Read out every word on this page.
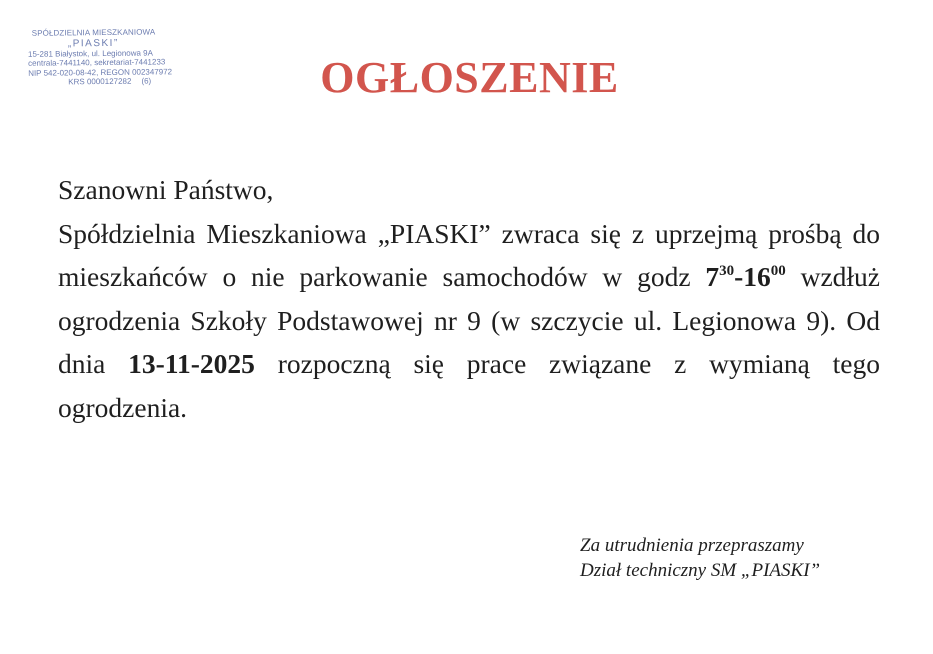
SPÓŁDZIELNIA MIESZKANIOWA
„PIASKI”
15-281 Białystok, ul. Legionowa 9A
centrala-7441140, sekretariat-7441233
NIP 542-020-08-42, REGON 002347972
KRS 0000127282 (6)	OGŁOSZENIE
Szanowni Państwo,

Spółdzielnia Mieszkaniowa „PIASKI” zwraca się z uprzejmą prośbą do mieszkańców o nie parkowanie samochodów w godz $7^{30}-16^{00}$ wzdłuż ogrodzenia Szkoły Podstawowej nr 9 (w szczycie ul. Legionowa 9). Od dnia 13-11-2025 rozpoczną się prace związane z wymianą tego ogrodzenia.

Za utrudnienia przepraszamy
Dział techniczny SM „PIASKI”
